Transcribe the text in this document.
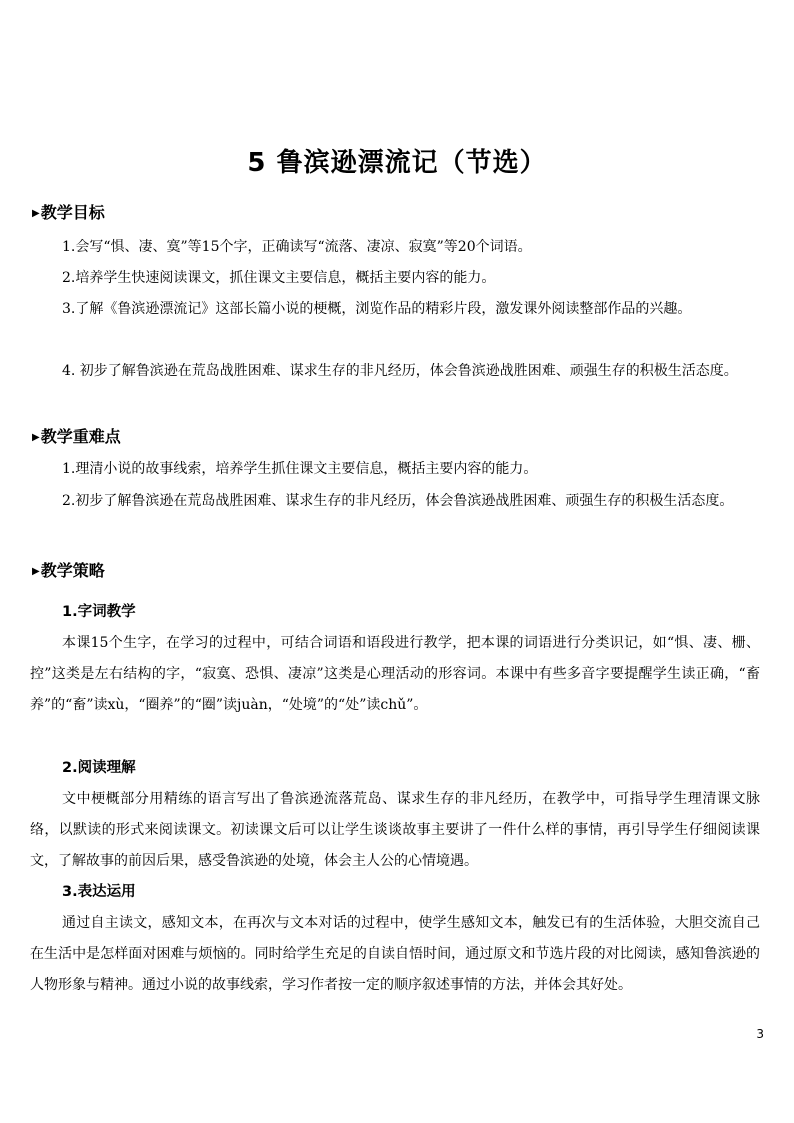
5 鲁滨逊漂流记（节选）
▶教学目标

1.会写“惧、凄、寞”等15个字，正确读写“流落、凄凉、寂寞”等20个词语。

2.培养学生快速阅读课文，抓住课文主要信息，概括主要内容的能力。

3.了解《鲁滨逊漂流记》这部长篇小说的梗概，浏览作品的精彩片段，激发课外阅读整部作品的兴趣。

4. 初步了解鲁滨逊在荒岛战胜困难、谋求生存的非凡经历，体会鲁滨逊战胜困难、顽强生存的积极生活态度。

▶教学重难点

1.理清小说的故事线索，培养学生抓住课文主要信息，概括主要内容的能力。

2.初步了解鲁滨逊在荒岛战胜困难、谋求生存的非凡经历，体会鲁滨逊战胜困难、顽强生存的积极生活态度。

▶教学策略
1.字词教学

本课15个生字，在学习的过程中，可结合词语和语段进行教学，把本课的词语进行分类识记，如“惧、凄、栅、控”这类是左右结构的字，“寂寞、恐惧、凄凉”这类是心理活动的形容词。本课中有些多音字要提醒学生读正确，“畜养”的“畜”读xù，“圈养”的“圈”读juàn，“处境”的“处”读chǔ”。

2.阅读理解

文中梗概部分用精练的语言写出了鲁滨逊流落荒岛、谋求生存的非凡经历，在教学中，可指导学生理清课文脉络，以默读的形式来阅读课文。初读课文后可以让学生谈谈故事主要讲了一件什么样的事情，再引导学生仔细阅读课文，了解故事的前因后果，感受鲁滨逊的处境，体会主人公的心情境遇。

3.表达运用

通过自主读文，感知文本，在再次与文本对话的过程中，使学生感知文本，触发已有的生活体验，大胆交流自己在生活中是怎样面对困难与烦恼的。同时给学生充足的自读自悟时间，通过原文和节选片段的对比阅读，感知鲁滨逊的人物形象与精神。通过小说的故事线索，学习作者按一定的顺序叙述事情的方法，并体会其好处。

3
